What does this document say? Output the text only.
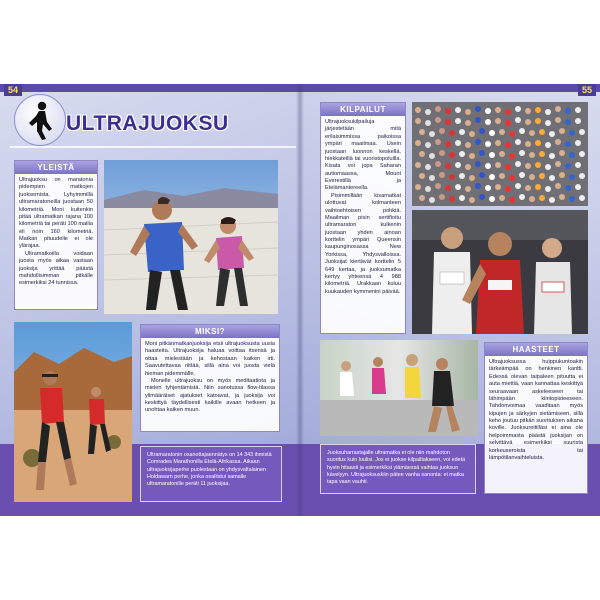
54
ULTRAJUOKSU
YLEISTÄ

Ultrajuoksu on maratonia pidempien matkojen juoksemista. Lyhyimmillä ultramaratoneilla juostaan 50 kilometriä. Moni kuitenkin pitää ultramatkan rajana 100 kilometriä tai peräti 100 mailia eli noin 160 kilometriä. Matkan pituudelle ei ole ylärajaa.

Ultramatkoilla voidaan juosta myös aikaa vastaan juoksija yrittää päästä mahdollisimman pitkälle esimerkiksi 24 tunnissa.

MIKSI?

Moni pitkänmatkanjuoksija etsii ultrajuoksusta uusia haasteita. Ultrajuoksija haluaa voittaa itsensä ja ottaa mielestään ja kehostaan kaiken irti. Saavutettavaa riittää, sillä aina voi juosta vielä hieman pidemmälle.

Monelle ultrajuoksu on myös meditaatiota ja mielen tyhjentämistä. Niin sanotussa flow-tilassa ylimääräiset ajatukset katoavat, ja juoksija voi keskittyä täydellisesti kaikille avaan hetkeen ja unohtaa kaiken muun.

Ultramaratonin osanottajaennätys on 14 343 ihmistä Comrades Marathonilla Etelä-Afrikassa. Aikaan ultrajuoksijaperhe puolestaan on yhdysvaltalainen Holdawarn perhe, jonka osallistui samalle ultramaratonille peräti 11 juoksijaa.
55
KILPAILUT

Ultrajuoksukilpailuja järjestetään mitä erilaisimmissa paikoissa ympäri maailmaa. Usein juostaan luonnon keskellä, hiekkateillä tai vuoristopoluilla. Kisata voi jopa Saharan autiomaassa, Mount Everestillä ja Etelämantereella.

Pisimmillään kisamatkat ulottuvat kolmanteen vaihtoehtoisen pohkiä. Maailman pisin sertifioitu ultramaraton kulkenin juostaan yhden ainoan korttelin ympäri Queensin kaupunginosassa New Yorkissa, Yhdysvalloissa. Juoksijat kiertävät korttelin 5 649 kertaa, ja juoksumatka kertyy yhteensä 4 988 kilometriä. Urakkaan kuluu kuukauden kymmenini päivää.

HAASTEET

Ultrajuoksussa huippukuntoakin tärkeämpää on henkinen kantti. Edessä olevan taipaleen pituutta ei auta miettiä, vaan kannattaa keskittyä seuraavaan askeleeseen tai lähimpään kiintopisteeseen. Tahdonvoimaa vaaditaan myös kipujen ja särkyjen sietämiseen, sillä keho joutuu pitkän suorituksen aikana koville. Juoksureitilläsi ei aina ole helpoimmasta päästä juoksijan on selvittävä esimerkiksi suurista korkeuseroista tai lämpötilanvaihteluista.

Juoksuharrastajalle ultramatka ei ole niin mahdoton suoritus kuin luulisi. Jos ei juokse kilpailtakseen, voi edetä hyvin hitaasti ja esimerkiksi ylämäessä vaihtaa juoksun kävelyyn. Ultrajuoksuskiin pätee vanha sanonta: ei matka tapa vaan vauhti.
